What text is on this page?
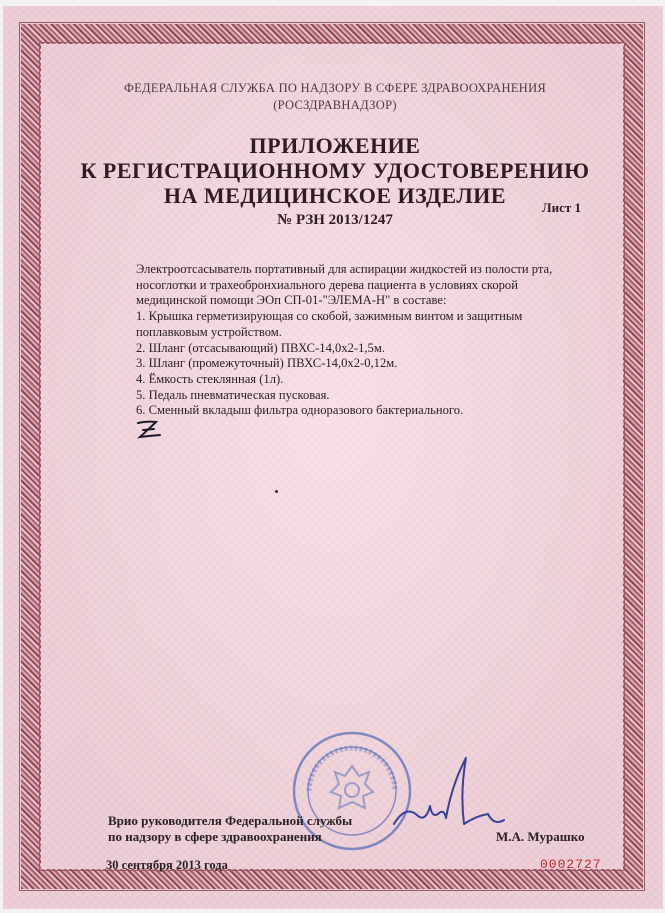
ФЕДЕРАЛЬНАЯ СЛУЖБА ПО НАДЗОРУ В СФЕРЕ ЗДРАВООХРАНЕНИЯ
(РОСЗДРАВНАДЗОР)
ПРИЛОЖЕНИЕ
К РЕГИСТРАЦИОННОМУ УДОСТОВЕРЕНИЮ
НА МЕДИЦИНСКОЕ ИЗДЕЛИЕ
№ РЗН 2013/1247
Лист 1

Электроотсасыватель портативный для аспирации жидкостей из полости рта,

носоглотки и трахеобронхиального дерева пациента в условиях скорой

медицинской помощи ЭОп СП-01-"ЭЛЕМА-Н" в составе:

1. Крышка герметизирующая со скобой, зажимным винтом и защитным

поплавковым устройством.

2. Шланг (отсасывающий) ПВХС-14,0х2-1,5м.

3. Шланг (промежуточный) ПВХС-14,0х2-0,12м.

4. Ёмкость стеклянная (1л).

5. Педаль пневматическая пусковая.

6. Сменный вкладыш фильтра одноразового бактериального.

Врио руководителя Федеральной службы
по надзору в сфере здравоохранения	М.А. Мурашко
30 сентября 2013 года	0002727
